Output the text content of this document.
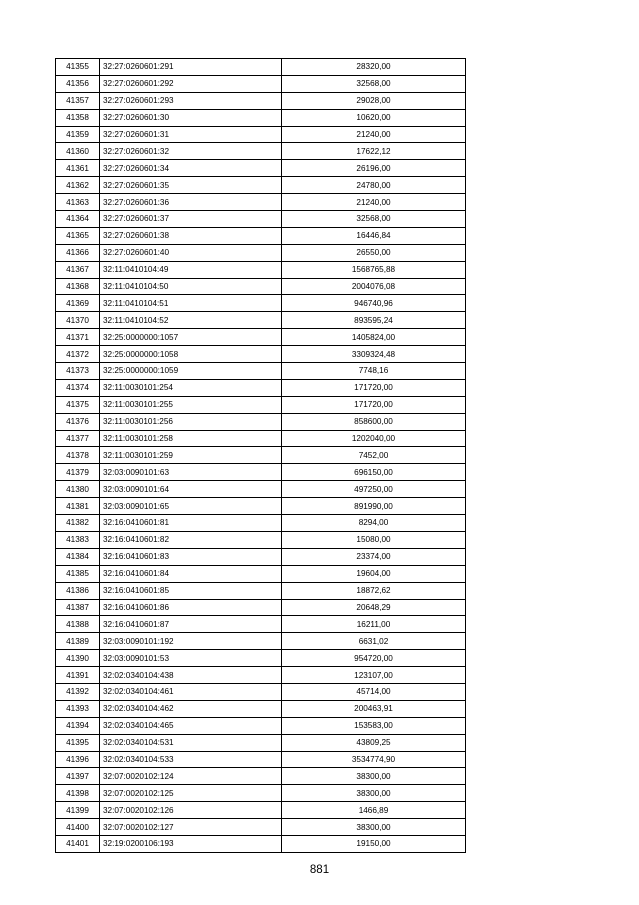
41355	32:27:0260601:291	28320,00
41356	32:27:0260601:292	32568,00
41357	32:27:0260601:293	29028,00
41358	32:27:0260601:30	10620,00
41359	32:27:0260601:31	21240,00
41360	32:27:0260601:32	17622,12
41361	32:27:0260601:34	26196,00
41362	32:27:0260601:35	24780,00
41363	32:27:0260601:36	21240,00
41364	32:27:0260601:37	32568,00
41365	32:27:0260601:38	16446,84
41366	32:27:0260601:40	26550,00
41367	32:11:0410104:49	1568765,88
41368	32:11:0410104:50	2004076,08
41369	32:11:0410104:51	946740,96
41370	32:11:0410104:52	893595,24
41371	32:25:0000000:1057	1405824,00
41372	32:25:0000000:1058	3309324,48
41373	32:25:0000000:1059	7748,16
41374	32:11:0030101:254	171720,00
41375	32:11:0030101:255	171720,00
41376	32:11:0030101:256	858600,00
41377	32:11:0030101:258	1202040,00
41378	32:11:0030101:259	7452,00
41379	32:03:0090101:63	696150,00
41380	32:03:0090101:64	497250,00
41381	32:03:0090101:65	891990,00
41382	32:16:0410601:81	8294,00
41383	32:16:0410601:82	15080,00
41384	32:16:0410601:83	23374,00
41385	32:16:0410601:84	19604,00
41386	32:16:0410601:85	18872,62
41387	32:16:0410601:86	20648,29
41388	32:16:0410601:87	16211,00
41389	32:03:0090101:192	6631,02
41390	32:03:0090101:53	954720,00
41391	32:02:0340104:438	123107,00
41392	32:02:0340104:461	45714,00
41393	32:02:0340104:462	200463,91
41394	32:02:0340104:465	153583,00
41395	32:02:0340104:531	43809,25
41396	32:02:0340104:533	3534774,90
41397	32:07:0020102:124	38300,00
41398	32:07:0020102:125	38300,00
41399	32:07:0020102:126	1466,89
41400	32:07:0020102:127	38300,00
41401	32:19:0200106:193	19150,00
881
